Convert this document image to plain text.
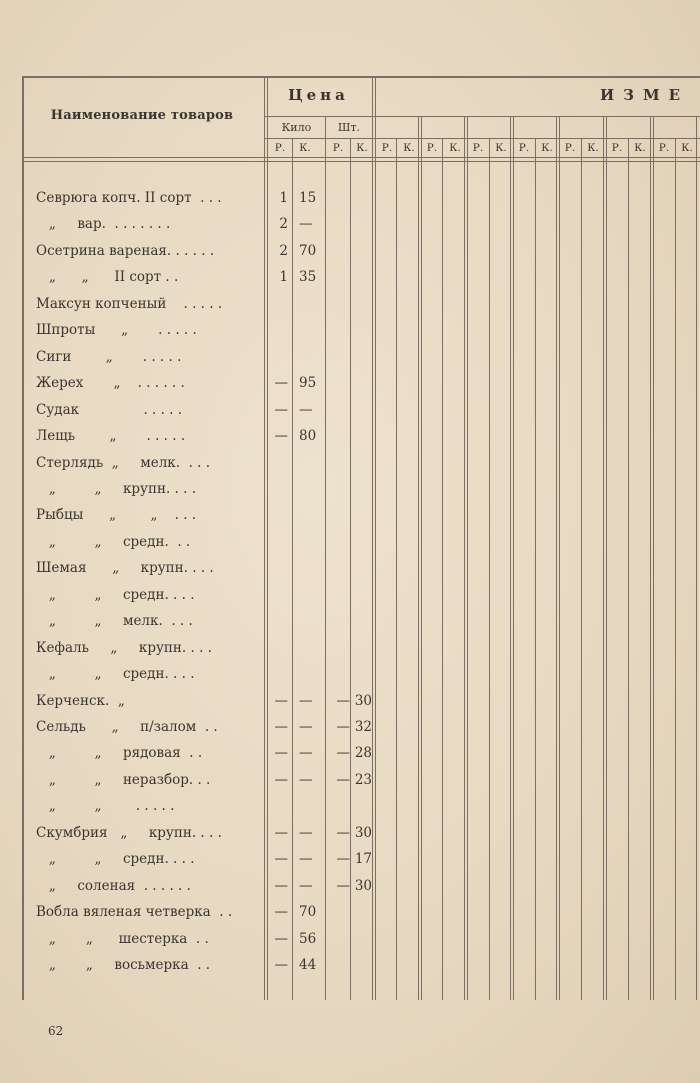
Наименование товаров
Цена	ИЗМЕ
Кило	Шт.
Р.	К.	Р.	К.	Р.	К.	Р.	К.	Р.	К.	Р.	К.	Р.	К.	Р.	К.	Р.	К.
Севрюга копч. II сорт  . . .	1 15
„     вар.  . . . . . . .	2 —
Осетрина вареная. . . . . .	2 70
„      „      II сорт . .	1 35
Максун копченый    . . . . .
Шпроты      „       . . . . .
Сиги        „       . . . . .
Жерех       „    . . . . . .	— 95
Судак               . . . . .	— —
Лещь        „       . . . . .	— 80
Стерлядь  „     мелк.  . . .
„         „     крупн. . . .
Рыбцы      „        „    . . .
„         „     средн.  . .
Шемая      „     крупн. . . .
„         „     средн. . . .
„         „     мелк.  . . .
Кефаль     „     крупн. . . .
„         „     средн. . . .
Керченск.  „	— —	— 30
Сельдь      „     п/залом  . .	— —	— 32
„         „     рядовая  . .	— —	— 28
„         „     неразбор. . .	— —	— 23
„         „        . . . . .
Скумбрия   „     крупн. . . .	— —	— 30
„         „     средн. . . .	— —	— 17
„     соленая  . . . . . .	— —	— 30
Вобла вяленая четверка  . .	— 70
„       „      шестерка  . .	— 56
„       „     восьмерка  . .	— 44
62
